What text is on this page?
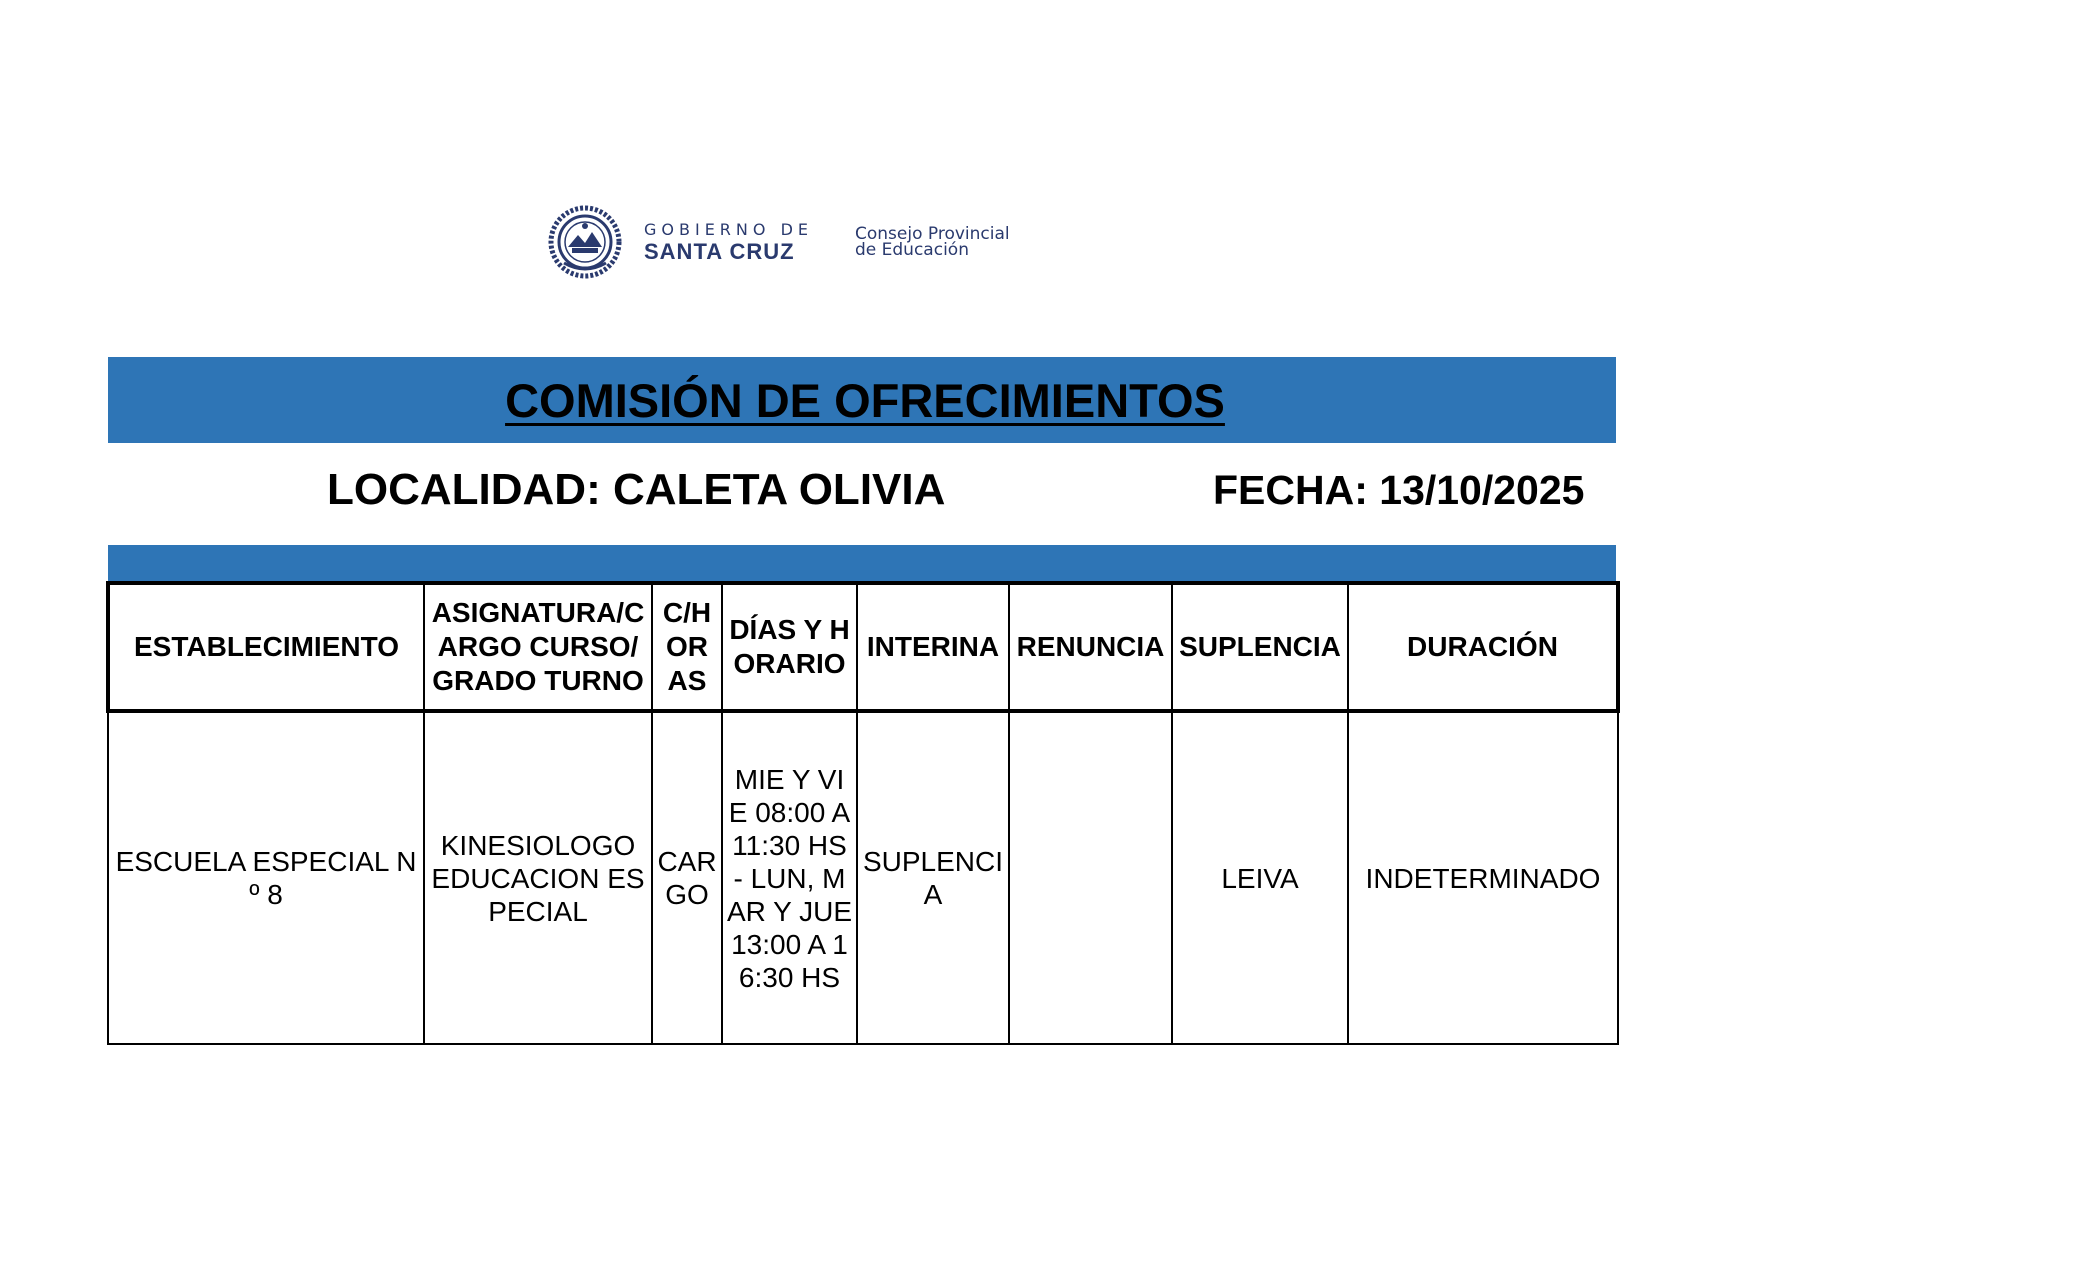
GOBIERNO DE
SANTA CRUZ
Consejo Provincial
de Educación
COMISIÓN DE OFRECIMIENTOS
LOCALIDAD: CALETA OLIVIA	FECHA: 13/10/2025
ESTABLECIMIENTO	ASIGNATURA/CARGO CURSO/GRADO TURNO	C/HORAS	DÍAS Y HORARIO	INTERINA	RENUNCIA	SUPLENCIA	DURACIÓN
ESCUELA ESPECIAL Nº 8	KINESIOLOGO EDUCACION ESPECIAL	CARGO	MIE Y VIE 08:00 A 11:30 HS - LUN, MAR Y JUE 13:00 A 16:30 HS	SUPLENCIA		LEIVA	INDETERMINADO
